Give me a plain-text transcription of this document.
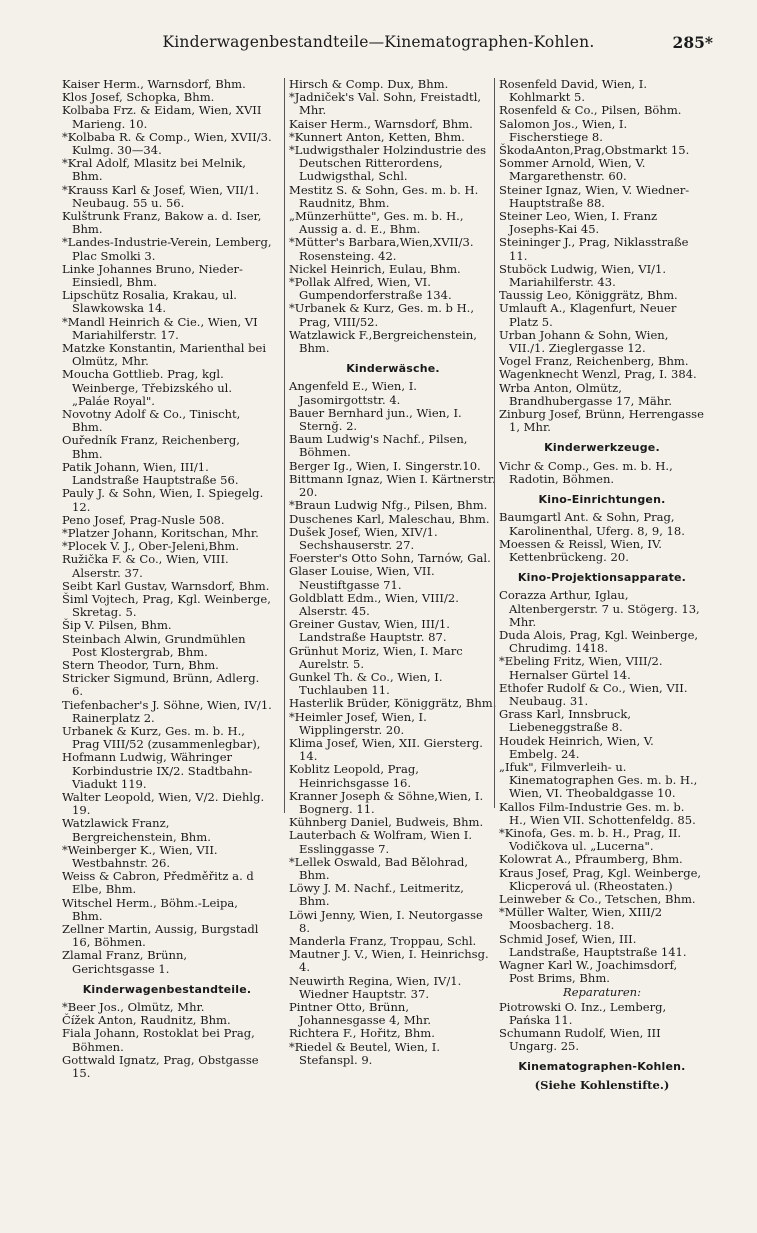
Kinderwagenbestandteile—Kinematographen-Kohlen.	285*

Kaiser Herm., Warnsdorf, Bhm.

Klos Josef, Schopka, Bhm.

Kolbaba Frz. & Eidam, Wien, XVII Marieng. 10.

*Kolbaba R. & Comp., Wien, XVII/3. Kulmg. 30—34.

*Kral Adolf, Mlasitz bei Melnik, Bhm.

*Krauss Karl & Josef, Wien, VII/1. Neubaug. 55 u. 56.

Kulštrunk Franz, Bakow a. d. Iser, Bhm.

*Landes-Industrie-Verein, Lemberg, Plac Smolki 3.

Linke Johannes Bruno, Nieder-Einsiedl, Bhm.

Lipschütz Rosalia, Krakau, ul. Slawkowska 14.

*Mandl Heinrich & Cie., Wien, VI Mariahilferstr. 17.

Matzke Konstantin, Marienthal bei Olmütz, Mhr.

Moucha Gottlieb. Prag, kgl. Weinberge, Třebizského ul. „Paláe Royal".

Novotny Adolf & Co., Tinischt, Bhm.

Ouředník Franz, Reichenberg, Bhm.

Patik Johann, Wien, III/1. Landstraße Hauptstraße 56.

Pauly J. & Sohn, Wien, I. Spiegelg. 12.

Peno Josef, Prag-Nusle 508.

*Platzer Johann, Koritschan, Mhr.

*Plocek V. J., Ober-Jeleni,Bhm.

Ružička F. & Co., Wien, VIII. Alserstr. 37.

Seibt Karl Gustav, Warnsdorf, Bhm.

Šiml Vojtech, Prag, Kgl. Weinberge, Skretag. 5.

Šip V. Pilsen, Bhm.

Steinbach Alwin, Grundmühlen Post Klostergrab, Bhm.

Stern Theodor, Turn, Bhm.

Stricker Sigmund, Brünn, Adlerg. 6.

Tiefenbacher's J. Söhne, Wien, IV/1. Rainerplatz 2.

Urbanek & Kurz, Ges. m. b. H., Prag VIII/52 (zusammenlegbar),

Hofmann Ludwig, Währinger Korbindustrie IX/2. Stadtbahn-Viadukt 119.

Walter Leopold, Wien, V/2. Diehlg. 19.

Watzlawick Franz, Bergreichenstein, Bhm.

*Weinberger K., Wien, VII. Westbahnstr. 26.

Weiss & Cabron, Předměřitz a. d Elbe, Bhm.

Witschel Herm., Böhm.-Leipa, Bhm.

Zellner Martin, Aussig, Burgstadl 16, Böhmen.

Zlamal Franz, Brünn, Gerichtsgasse 1.

Kinderwagenbestandteile.

*Beer Jos., Olmütz, Mhr.

Čížek Anton, Raudnitz, Bhm.

Fiala Johann, Rostoklat bei Prag, Böhmen.

Gottwald Ignatz, Prag, Obstgasse 15.

Hirsch & Comp. Dux, Bhm.

*Jadniček's Val. Sohn, Freistadtl, Mhr.

Kaiser Herm., Warnsdorf, Bhm.

*Kunnert Anton, Ketten, Bhm.

*Ludwigsthaler Holzindustrie des Deutschen Ritterordens, Ludwigsthal, Schl.

Mestitz S. & Sohn, Ges. m. b. H. Raudnitz, Bhm.

„Münzerhütte", Ges. m. b. H., Aussig a. d. E., Bhm.

*Mütter's Barbara,Wien,XVII/3. Rosensteing. 42.

Nickel Heinrich, Eulau, Bhm.

*Pollak Alfred, Wien, VI. Gumpendorferstraße 134.

*Urbanek & Kurz, Ges. m. b H., Prag, VIII/52.

Watzlawick F.,Bergreichenstein, Bhm.

Kinderwäsche.

Angenfeld E., Wien, I. Jasomirgottstr. 4.

Bauer Bernhard jun., Wien, I. Sternğ. 2.

Baum Ludwig's Nachf., Pilsen, Böhmen.

Berger Ig., Wien, I. Singerstr.10.

Bittmann Ignaz, Wien I. Kärtnerstr. 20.

*Braun Ludwig Nfg., Pilsen, Bhm.

Duschenes Karl, Maleschau, Bhm.

Dušek Josef, Wien, XIV/1. Sechshauserstr. 27.

Foerster's Otto Sohn, Tarnów, Gal.

Glaser Louise, Wien, VII. Neustiftgasse 71.

Goldblatt Edm., Wien, VIII/2. Alserstr. 45.

Greiner Gustav, Wien, III/1. Landstraße Hauptstr. 87.

Grünhut Moriz, Wien, I. Marc Aurelstr. 5.

Gunkel Th. & Co., Wien, I. Tuchlauben 11.

Hasterlik Brüder, Königgrätz, Bhm.

*Heimler Josef, Wien, I. Wipplingerstr. 20.

Klima Josef, Wien, XII. Giersterg. 14.

Koblitz Leopold, Prag, Heinrichsgasse 16.

Kranner Joseph & Söhne,Wien, I. Bognerg. 11.

Kühnberg Daniel, Budweis, Bhm.

Lauterbach & Wolfram, Wien I. Esslinggasse 7.

*Lellek Oswald, Bad Bělohrad, Bhm.

Löwy J. M. Nachf., Leitmeritz, Bhm.

Löwi Jenny, Wien, I. Neutorgasse 8.

Manderla Franz, Troppau, Schl.

Mautner J. V., Wien, I. Heinrichsg. 4.

Neuwirth Regina, Wien, IV/1. Wiedner Hauptstr. 37.

Pintner Otto, Brünn, Johannesgasse 4, Mhr.

Richtera F., Hořitz, Bhm.

*Riedel & Beutel, Wien, I. Stefanspl. 9.

Rosenfeld David, Wien, I. Kohlmarkt 5.

Rosenfeld & Co., Pilsen, Böhm.

Salomon Jos., Wien, I. Fischerstiege 8.

ŠkodaAnton,Prag,Obstmarkt 15.

Sommer Arnold, Wien, V. Margarethenstr. 60.

Steiner Ignaz, Wien, V. Wiedner-Hauptstraße 88.

Steiner Leo, Wien, I. Franz Josephs-Kai 45.

Steininger J., Prag, Niklasstraße 11.

Stuböck Ludwig, Wien, VI/1. Mariahilferstr. 43.

Taussig Leo, Königgrätz, Bhm.

Umlauft A., Klagenfurt, Neuer Platz 5.

Urban Johann & Sohn, Wien, VII./1. Zieglergasse 12.

Vogel Franz, Reichenberg, Bhm.

Wagenknecht Wenzl, Prag, I. 384.

Wrba Anton, Olmütz, Brandhubergasse 17, Mähr.

Zinburg Josef, Brünn, Herrengasse 1, Mhr.

Kinderwerkzeuge.

Vichr & Comp., Ges. m. b. H., Radotin, Böhmen.

Kino-Einrichtungen.

Baumgartl Ant. & Sohn, Prag, Karolinenthal, Uferg. 8, 9, 18.

Moessen & Reissl, Wien, IV. Kettenbrückeng. 20.

Kino-Projektionsapparate.

Corazza Arthur, Iglau, Altenbergerstr. 7 u. Stögerg. 13, Mhr.

Duda Alois, Prag, Kgl. Weinberge, Chrudimg. 1418.

*Ebeling Fritz, Wien, VIII/2. Hernalser Gürtel 14.

Ethofer Rudolf & Co., Wien, VII. Neubaug. 31.

Grass Karl, Innsbruck, Liebeneggstraße 8.

Houdek Heinrich, Wien, V. Embelg. 24.

„Ifuk", Filmverleih- u. Kinematographen Ges. m. b. H., Wien, VI. Theobaldgasse 10.

Kallos Film-Industrie Ges. m. b. H., Wien VII. Schottenfeldg. 85.

*Kinofa, Ges. m. b. H., Prag, II. Vodičkova ul. „Lucerna".

Kolowrat A., Pfraumberg, Bhm.

Kraus Josef, Prag, Kgl. Weinberge, Klicperová ul. (Rheostaten.)

Leinweber & Co., Tetschen, Bhm.

*Müller Walter, Wien, XIII/2 Moosbacherg. 18.

Schmid Josef, Wien, III. Landstraße, Hauptstraße 141.

Wagner Karl W., Joachimsdorf, Post Brims, Bhm.

Reparaturen:

Piotrowski O. Inz., Lemberg, Pańska 11.

Schumann Rudolf, Wien, III Ungarg. 25.

Kinematographen-Kohlen.
(Siehe Kohlenstifte.)
